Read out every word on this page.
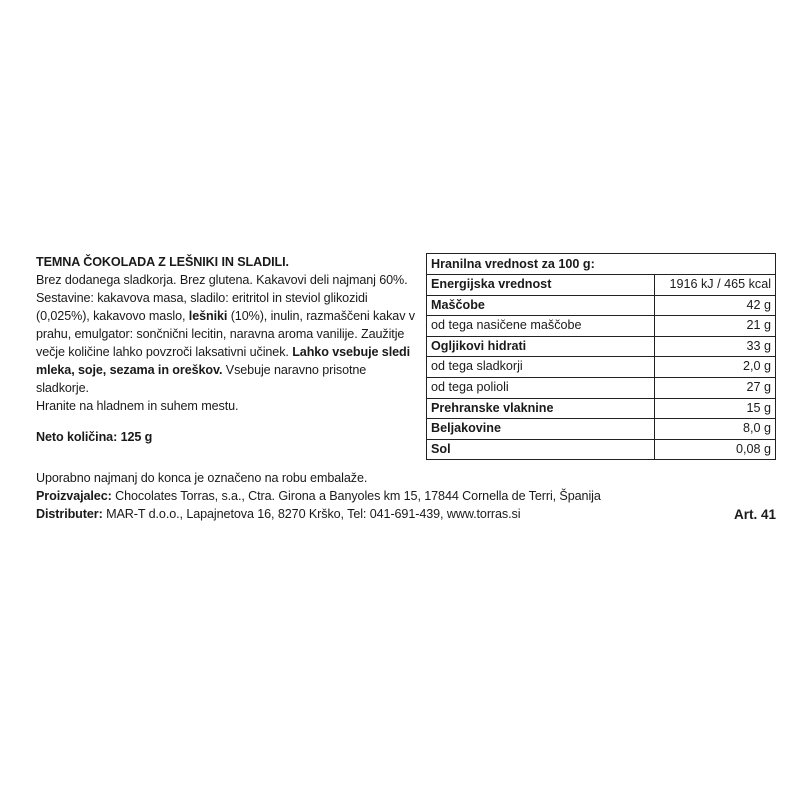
TEMNA ČOKOLADA Z LEŠNIKI IN SLADILI.
Brez dodanega sladkorja. Brez glutena. Kakavovi deli najmanj 60%. Sestavine: kakavova masa, sladilo: eritritol in steviol glikozidi (0,025%), kakavovo maslo, lešniki (10%), inulin, razmaščeni kakav v prahu, emulgator: sončnični lecitin, naravna aroma vanilije. Zaužitje večje količine lahko povzroči laksativni učinek. Lahko vsebuje sledi mleka, soje, sezama in oreškov. Vsebuje naravno prisotne sladkorje.
Hranite na hladnem in suhem mestu.
Neto količina: 125 g
Hranilna vrednost za 100 g:
Energijska vrednost	1916 kJ / 465 kcal
Maščobe	42 g
od tega nasičene maščobe	21 g
Ogljikovi hidrati	33 g
od tega sladkorji	2,0 g
od tega polioli	27 g
Prehranske vlaknine	15 g
Beljakovine	8,0 g
Sol	0,08 g
Uporabno najmanj do konca je označeno na robu embalaže.
Proizvajalec: Chocolates Torras, s.a., Ctra. Girona a Banyoles km 15, 17844 Cornella de Terri, Španija
Distributer: MAR-T d.o.o., Lapajnetova 16, 8270 Krško, Tel: 041-691-439, www.torras.si	Art. 41
